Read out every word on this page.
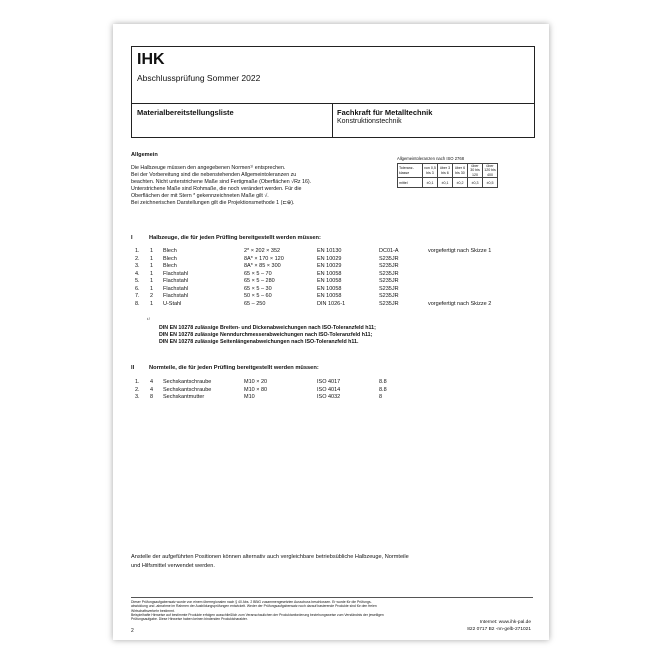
IHK
Abschlussprüfung Sommer 2022
Materialbereitstellungsliste	Fachkraft für Metalltechnik
Konstruktionstechnik
Allgemein
Die Halbzeuge müssen den angegebenen Normen¹⁾ entsprechen.
Bei der Vorbereitung sind die nebenstehenden Allgemeintoleranzen zu
beachten. Nicht unterstrichene Maße sind Fertigmaße (Oberflächen √Rz 16).
Unterstrichene Maße sind Rohmaße, die noch verändert werden. Für die
Oberflächen der mit Stern * gekennzeichneten Maße gilt √.
Bei zeichnerischen Darstellungen gilt die Projektionsmethode 1 (⊏⊕).
Allgemeintoleranzen nach ISO 2768
Toleranz-klasse	von 0,5 bis 3	über 3 bis 6	über 6 bis 30	über 30 bis 120	über 120 bis 400
mittel	±0,1	±0,1	±0,2	±0,3	±0,5
I	Halbzeuge, die für jeden Prüfling bereitgestellt werden müssen:
1. 1 Blech	2* × 202 × 352	EN 10130	DC01-A	vorgefertigt nach Skizze 1
2. 1 Blech	8A* × 170 × 120	EN 10029	S235JR
3. 1 Blech	8A* × 85 × 300	EN 10029	S235JR
4. 1 Flachstahl	65 × 5 – 70	EN 10058	S235JR
5. 1 Flachstahl	65 × 5 – 280	EN 10058	S235JR
6. 1 Flachstahl	65 × 5 – 30	EN 10058	S235JR
7. 2 Flachstahl	50 × 5 – 60	EN 10058	S235JR
8. 1 U-Stahl	65 – 250	DIN 1026-1	S235JR	vorgefertigt nach Skizze 2
¹⁾
DIN EN 10278 zulässige Breiten- und Dickenabweichungen nach ISO-Toleranzfeld h11;
DIN EN 10278 zulässige Nenndurchmesserabweichungen nach ISO-Toleranzfeld h11;
DIN EN 10278 zulässige Seitenlängenabweichungen nach ISO-Toleranzfeld h11.
II	Normteile, die für jeden Prüfling bereitgestellt werden müssen:
1. 4 Sechskantschraube	M10 × 20	ISO 4017	8.8
2. 4 Sechskantschraube	M10 × 80	ISO 4014	8.8
3. 8 Sechskantmutter	M10	ISO 4032	8
Anstelle der aufgeführten Positionen können alternativ auch vergleichbare betriebsübliche Halbzeuge, Normteile
und Hilfsmittel verwendet werden.
Dieser Prüfungsaufgabensatz wurde von einem überregionalen nach § 40 Abs. 2 BBiG zusammengesetzten Ausschuss beschlossen. Er wurde für die Prüfungs-
abwicklung und -abnahme im Rahmen der Ausbildungsprüfungen entwickelt. Weder der Prüfungsaufgabensatz noch darauf basierende Produkte sind für den freien
Wirtschaftsverkehr bestimmt.
Beispielhafte Hinweise auf bestimmte Produkte erfolgen ausschließlich zum Veranschaulichen der Produktanforderung beziehungsweise zum Verständnis der jeweiligen
Prüfungsaufgabe. Diese Hinweise haben keinen bindenden Produktcharakter.
2
Internet: www.ihk-pal.de
822 0717 B2 -nn-gelb-271021
